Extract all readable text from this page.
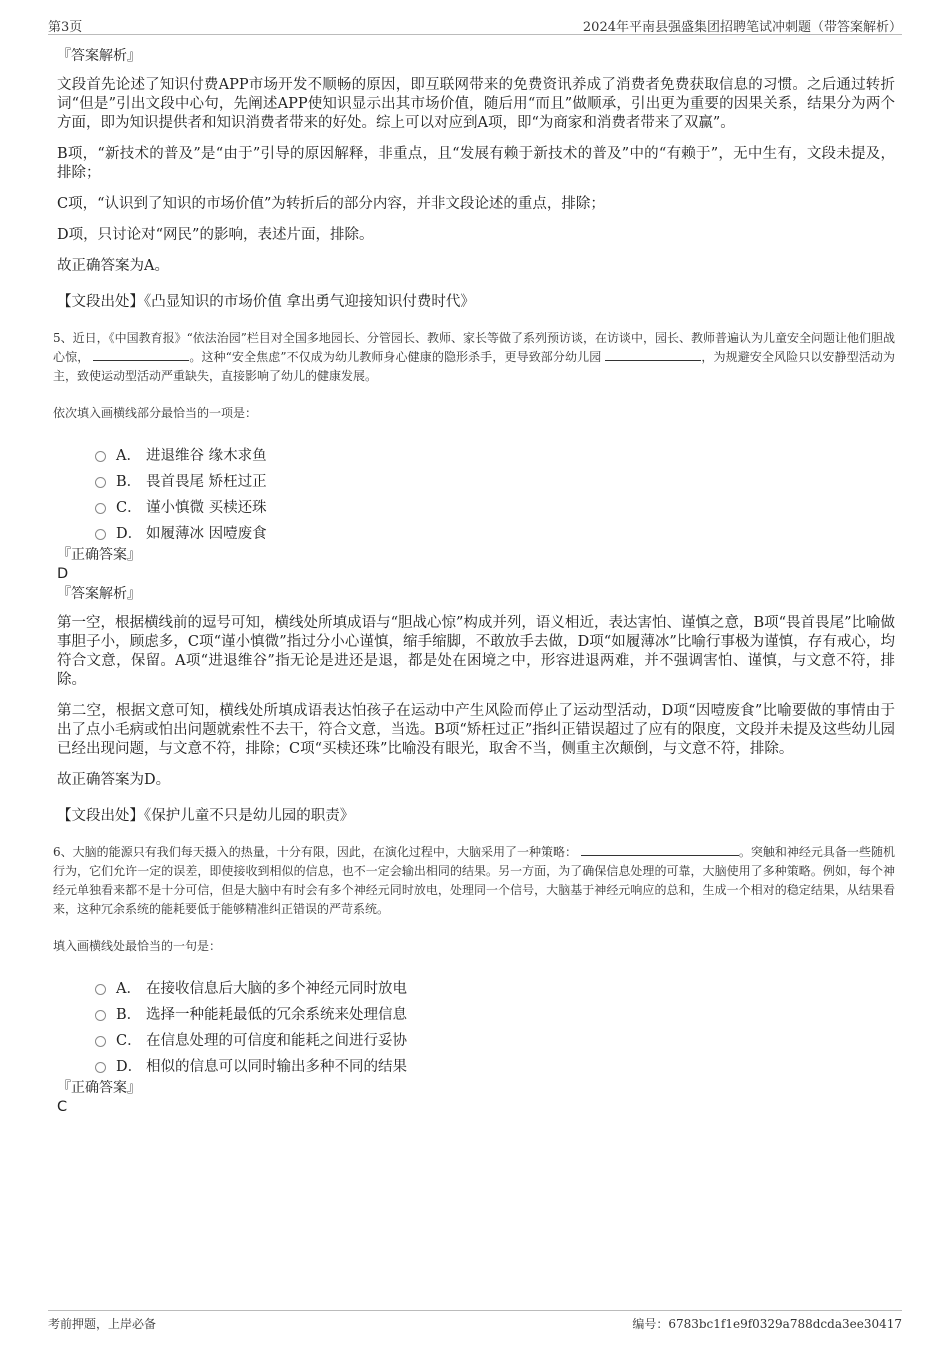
第3页	2024年平南县强盛集团招聘笔试冲刺题（带答案解析）

『答案解析』

文段首先论述了知识付费APP市场开发不顺畅的原因，即互联网带来的免费资讯养成了消费者免费获取信息的习惯。之后通过转折词“但是”引出文段中心句，先阐述APP使知识显示出其市场价值，随后用“而且”做顺承，引出更为重要的因果关系，结果分为两个方面，即为知识提供者和知识消费者带来的好处。综上可以对应到A项，即“为商家和消费者带来了双赢”。

B项，“新技术的普及”是“由于”引导的原因解释，非重点，且“发展有赖于新技术的普及”中的“有赖于”，无中生有，文段未提及，排除；

C项，“认识到了知识的市场价值”为转折后的部分内容，并非文段论述的重点，排除；

D项，只讨论对“网民”的影响，表述片面，排除。

故正确答案为A。

【文段出处】《凸显知识的市场价值 拿出勇气迎接知识付费时代》

5、近日，《中国教育报》“依法治园”栏目对全国多地园长、分管园长、教师、家长等做了系列预访谈，在访谈中，园长、教师普遍认为儿童安全问题让他们胆战心惊，	。这种“安全焦虑”不仅成为幼儿教师身心健康的隐形杀手，更导致部分幼儿园	，为规避安全风险只以安静型活动为主，致使运动型活动严重缺失，直接影响了幼儿的健康发展。

依次填入画横线部分最恰当的一项是：

A． 进退维谷 缘木求鱼
B． 畏首畏尾 矫枉过正
C． 谨小慎微 买椟还珠
D． 如履薄冰 因噎废食

『正确答案』

D

『答案解析』

第一空，根据横线前的逗号可知，横线处所填成语与“胆战心惊”构成并列，语义相近，表达害怕、谨慎之意，B项“畏首畏尾”比喻做事胆子小，顾虑多，C项“谨小慎微”指过分小心谨慎，缩手缩脚，不敢放手去做，D项“如履薄冰”比喻行事极为谨慎，存有戒心，均符合文意，保留。A项“进退维谷”指无论是进还是退，都是处在困境之中，形容进退两难，并不强调害怕、谨慎，与文意不符，排除。

第二空，根据文意可知，横线处所填成语表达怕孩子在运动中产生风险而停止了运动型活动，D项“因噎废食”比喻要做的事情由于出了点小毛病或怕出问题就索性不去干，符合文意，当选。B项“矫枉过正”指纠正错误超过了应有的限度，文段并未提及这些幼儿园已经出现问题，与文意不符，排除；C项“买椟还珠”比喻没有眼光，取舍不当，侧重主次颠倒，与文意不符，排除。

故正确答案为D。

【文段出处】《保护儿童不只是幼儿园的职责》

6、大脑的能源只有我们每天摄入的热量，十分有限，因此，在演化过程中，大脑采用了一种策略：	。突触和神经元具备一些随机行为，它们允许一定的误差，即使接收到相似的信息，也不一定会输出相同的结果。另一方面，为了确保信息处理的可靠，大脑使用了多种策略。例如，每个神经元单独看来都不是十分可信，但是大脑中有时会有多个神经元同时放电，处理同一个信号，大脑基于神经元响应的总和，生成一个相对的稳定结果，从结果看来，这种冗余系统的能耗要低于能够精准纠正错误的严苛系统。

填入画横线处最恰当的一句是：

A． 在接收信息后大脑的多个神经元同时放电
B． 选择一种能耗最低的冗余系统来处理信息
C． 在信息处理的可信度和能耗之间进行妥协
D． 相似的信息可以同时输出多种不同的结果

『正确答案』

C

考前押题，上岸必备	编号：6783bc1f1e9f0329a788dcda3ee30417
